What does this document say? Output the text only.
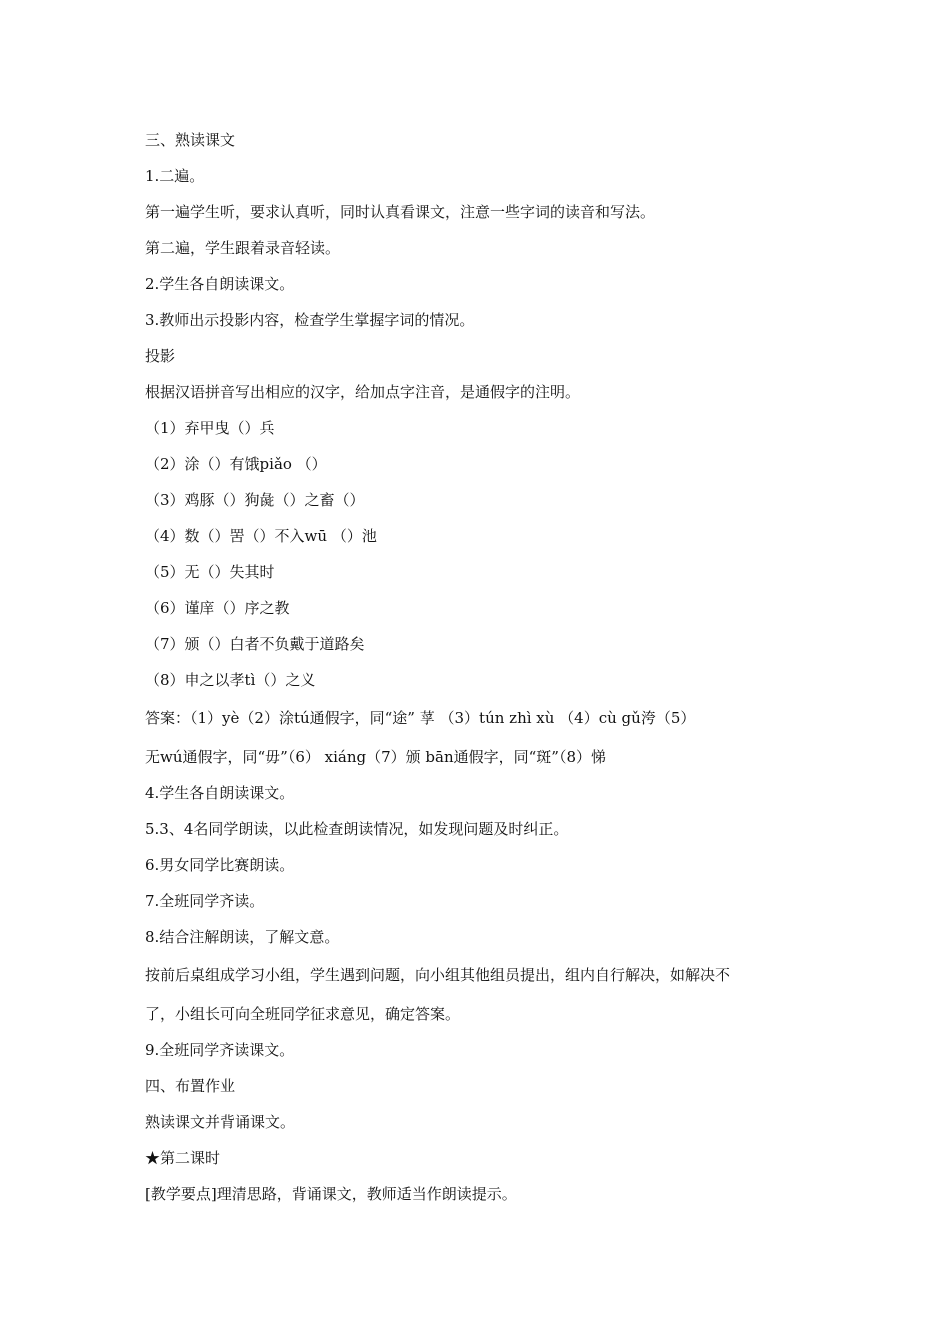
三、熟读课文
1.二遍。
第一遍学生听，要求认真听，同时认真看课文，注意一些字词的读音和写法。
第二遍，学生跟着录音轻读。
2.学生各自朗读课文。
3.教师出示投影内容，检查学生掌握字词的情况。
投影
根据汉语拼音写出相应的汉字，给加点字注音，是通假字的注明。
（1）弃甲曳（）兵
（2）涂（）有饿piǎo （）
（3）鸡豚（）狗彘（）之畜（）
（4）数（）罟（）不入wū （）池
（5）无（）失其时
（6）谨庠（）序之教
（7）颁（）白者不负戴于道路矣
（8）申之以孝tì（）之义
答案：（1）yè（2）涂tú通假字，同“途” 莩 （3）tún zhì xù （4）cù gǔ洿（5）
无wú通假字，同“毋”（6） xiáng（7）颁 bān通假字，同“斑”（8）悌
4.学生各自朗读课文。
5.3、4名同学朗读，以此检查朗读情况，如发现问题及时纠正。
6.男女同学比赛朗读。
7.全班同学齐读。
8.结合注解朗读，了解文意。
按前后桌组成学习小组，学生遇到问题，向小组其他组员提出，组内自行解决，如解决不
了，小组长可向全班同学征求意见，确定答案。
9.全班同学齐读课文。
四、布置作业
熟读课文并背诵课文。
★第二课时
[教学要点]理清思路，背诵课文，教师适当作朗读提示。
